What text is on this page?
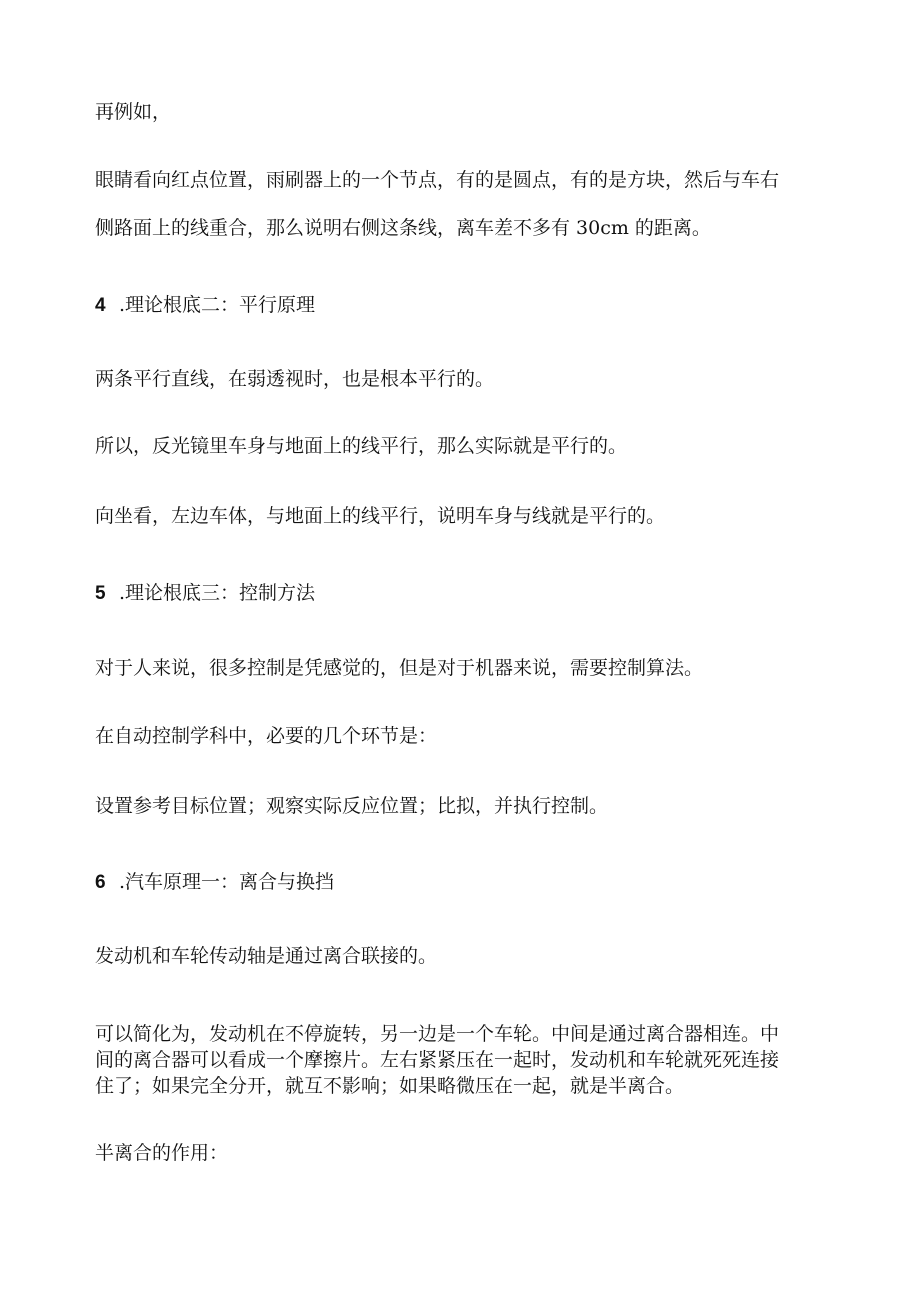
再例如，

眼睛看向红点位置，雨刷器上的一个节点，有的是圆点，有的是方块，然后与车右

侧路面上的线重合，那么说明右侧这条线，离车差不多有 30cm 的距离。

4 .理论根底二：平行原理

两条平行直线，在弱透视时，也是根本平行的。

所以，反光镜里车身与地面上的线平行，那么实际就是平行的。

向坐看，左边车体，与地面上的线平行，说明车身与线就是平行的。

5 .理论根底三：控制方法

对于人来说，很多控制是凭感觉的，但是对于机器来说，需要控制算法。

在自动控制学科中，必要的几个环节是：

设置参考目标位置；观察实际反应位置；比拟，并执行控制。

6 .汽车原理一：离合与换挡

发动机和车轮传动轴是通过离合联接的。

可以简化为，发动机在不停旋转，另一边是一个车轮。中间是通过离合器相连。中

间的离合器可以看成一个摩擦片。左右紧紧压在一起时，发动机和车轮就死死连接

住了；如果完全分开，就互不影响；如果略微压在一起，就是半离合。

半离合的作用：
